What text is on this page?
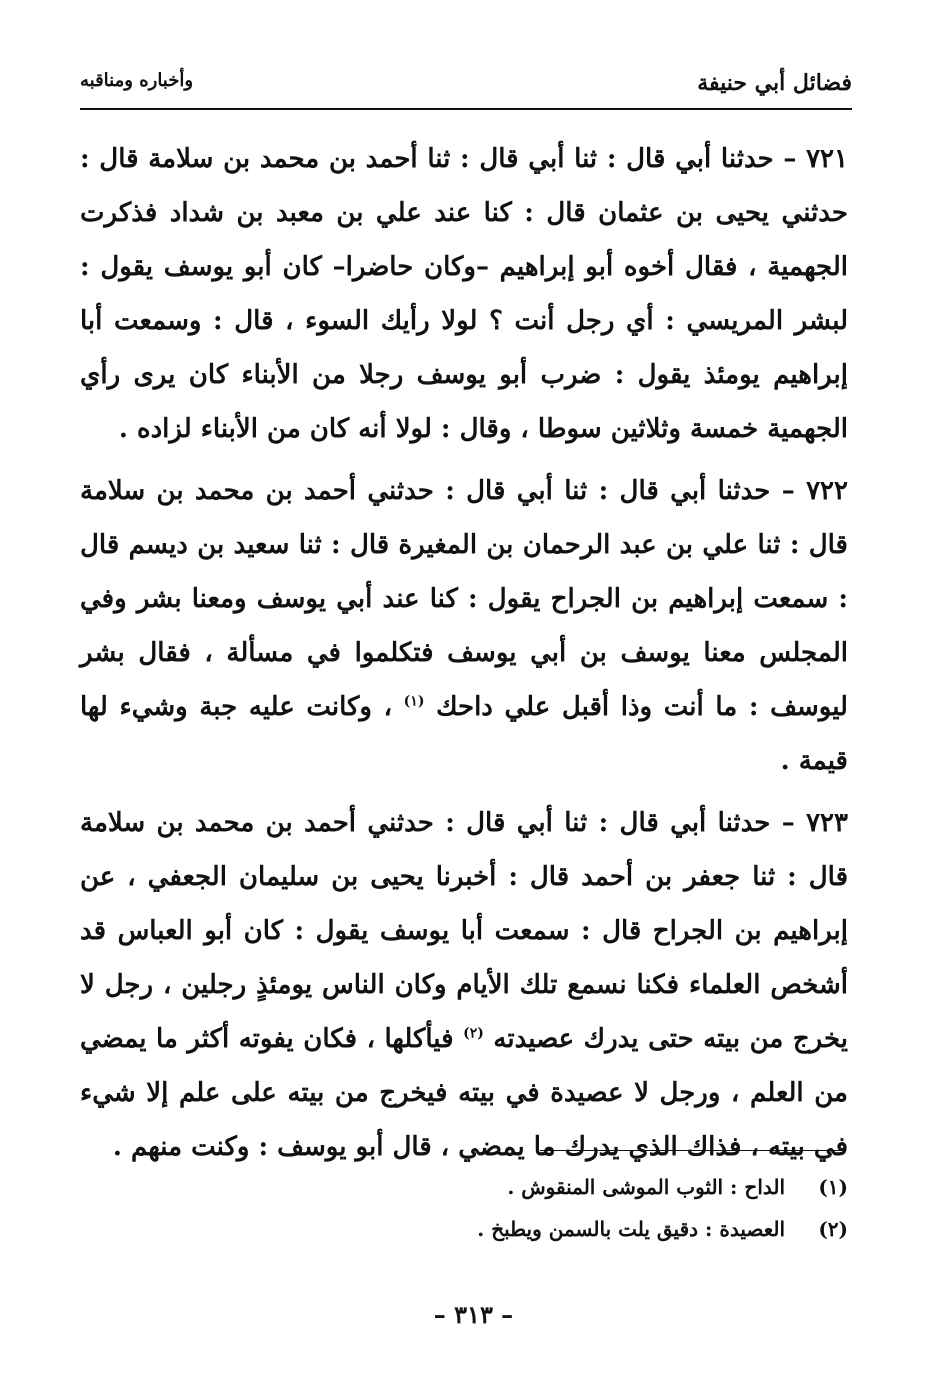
فضائل أبي حنيفة
وأخباره ومناقبه

٧٢١ – حدثنا أبي قال : ثنا أبي قال : ثنا أحمد بن محمد بن سلامة قال : حدثني يحيى بن عثمان قال : كنا عند علي بن معبد بن شداد فذكرت الجهمية ، فقال أخوه أبو إبراهيم –وكان حاضرا– كان أبو يوسف يقول : لبشر المريسي : أي رجل أنت ؟ لولا رأيك السوء ، قال : وسمعت أبا إبراهيم يومئذ يقول : ضرب أبو يوسف رجلا من الأبناء كان يرى رأي الجهمية خمسة وثلاثين سوطا ، وقال : لولا أنه كان من الأبناء لزاده .

٧٢٢ – حدثنا أبي قال : ثنا أبي قال : حدثني أحمد بن محمد بن سلامة قال : ثنا علي بن عبد الرحمان بن المغيرة قال : ثنا سعيد بن ديسم قال : سمعت إبراهيم بن الجراح يقول : كنا عند أبي يوسف ومعنا بشر وفي المجلس معنا يوسف بن أبي يوسف فتكلموا في مسألة ، فقال بشر ليوسف : ما أنت وذا أقبل علي داحك $^{(١)}$ ، وكانت عليه جبة وشيء لها قيمة .

٧٢٣ – حدثنا أبي قال : ثنا أبي قال : حدثني أحمد بن محمد بن سلامة قال : ثنا جعفر بن أحمد قال : أخبرنا يحيى بن سليمان الجعفي ، عن إبراهيم بن الجراح قال : سمعت أبا يوسف يقول : كان أبو العباس قد أشخص العلماء فكنا نسمع تلك الأيام وكان الناس يومئذٍ رجلين ، رجل لا يخرج من بيته حتى يدرك عصيدته $^{(٢)}$ فيأكلها ، فكان يفوته أكثر ما يمضي من العلم ، ورجل لا عصيدة في بيته فيخرج من بيته على علم إلا شيء في بيته ، فذاك الذي يدرك ما يمضي ، قال أبو يوسف : وكنت منهم .

(١) الداح : الثوب الموشى المنقوش .
(٢) العصيدة : دقيق يلت بالسمن ويطبخ .
– ٣١٣ –
